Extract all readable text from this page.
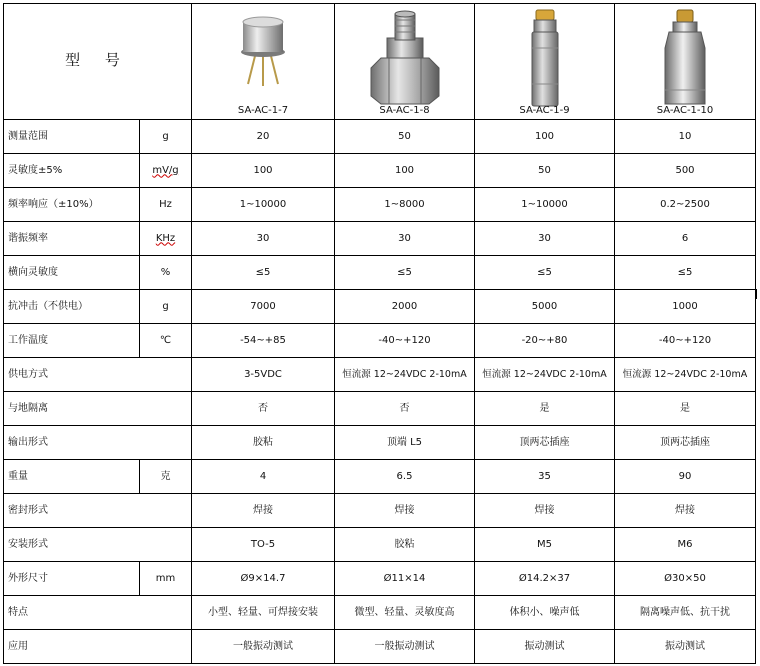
型 号		SA-AC-1-7	SA-AC-1-8	SA-AC-1-9	SA-AC-1-10

测量范围	g	20	50	100	10
灵敏度±5%	mV/g	100	100	50	500
频率响应（±10%）	Hz	1~10000	1~8000	1~10000	0.2~2500
谐振频率	KHz	30	30	30	6
横向灵敏度	%	≤5	≤5	≤5	≤5
抗冲击（不供电）	g	7000	2000	5000	1000
工作温度	℃	-54~+85	-40~+120	-20~+80	-40~+120
供电方式		3-5VDC	恒流源 12~24VDC 2-10mA	恒流源 12~24VDC 2-10mA	恒流源 12~24VDC 2-10mA
与地隔离		否	否	是	是
输出形式		胶粘	顶端 L5	顶两芯插座	顶两芯插座
重量	克	4	6.5	35	90
密封形式		焊接	焊接	焊接	焊接
安装形式		TO-5	胶粘	M5	M6
外形尺寸	mm	Ø9×14.7	Ø11×14	Ø14.2×37	Ø30×50
特点		小型、轻量、可焊接安装	微型、轻量、灵敏度高	体积小、噪声低	隔离噪声低、抗干扰
应用		一般振动测试	一般振动测试	振动测试	振动测试
